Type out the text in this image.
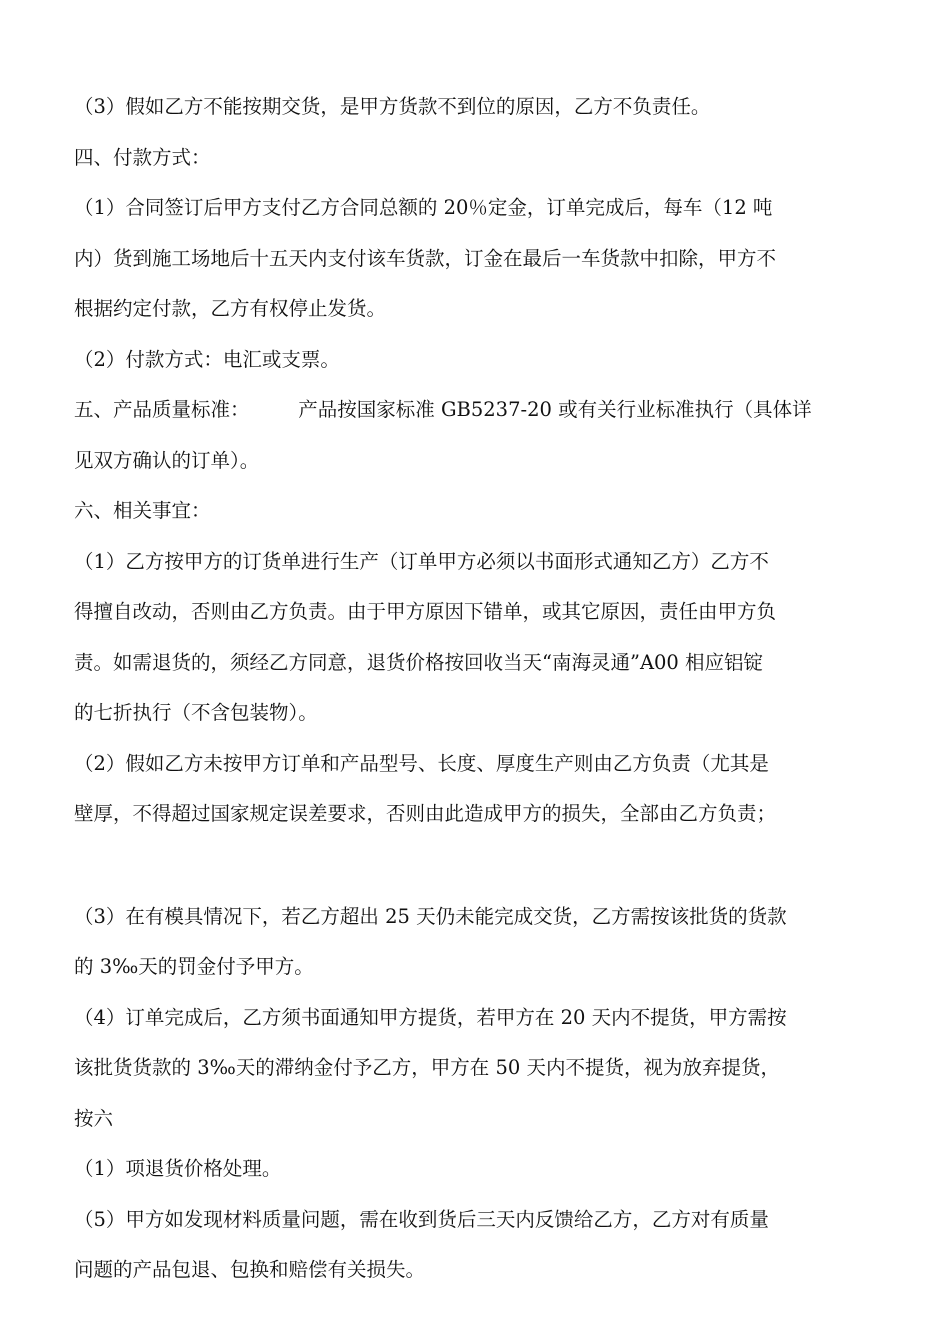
（3）假如乙方不能按期交货，是甲方货款不到位的原因，乙方不负责任。
四、付款方式：
（1）合同签订后甲方支付乙方合同总额的 20％定金，订单完成后，每车（12 吨
内）货到施工场地后十五天内支付该车货款，订金在最后一车货款中扣除，甲方不
根据约定付款，乙方有权停止发货。
（2）付款方式：电汇或支票。
五、产品质量标准：　　　产品按国家标准 GB5237-20 或有关行业标准执行（具体详
见双方确认的订单）。
六、相关事宜：
（1）乙方按甲方的订货单进行生产（订单甲方必须以书面形式通知乙方）乙方不
得擅自改动，否则由乙方负责。由于甲方原因下错单，或其它原因，责任由甲方负
责。如需退货的，须经乙方同意，退货价格按回收当天“南海灵通”A00 相应铝锭
的七折执行（不含包装物）。
（2）假如乙方未按甲方订单和产品型号、长度、厚度生产则由乙方负责（尤其是
壁厚，不得超过国家规定误差要求，否则由此造成甲方的损失，全部由乙方负责；
（3）在有模具情况下，若乙方超出 25 天仍未能完成交货，乙方需按该批货的货款
的 3‰天的罚金付予甲方。
（4）订单完成后，乙方须书面通知甲方提货，若甲方在 20 天内不提货，甲方需按
该批货货款的 3‰天的滞纳金付予乙方，甲方在 50 天内不提货，视为放弃提货，
按六
（1）项退货价格处理。
（5）甲方如发现材料质量问题，需在收到货后三天内反馈给乙方，乙方对有质量
问题的产品包退、包换和赔偿有关损失。
